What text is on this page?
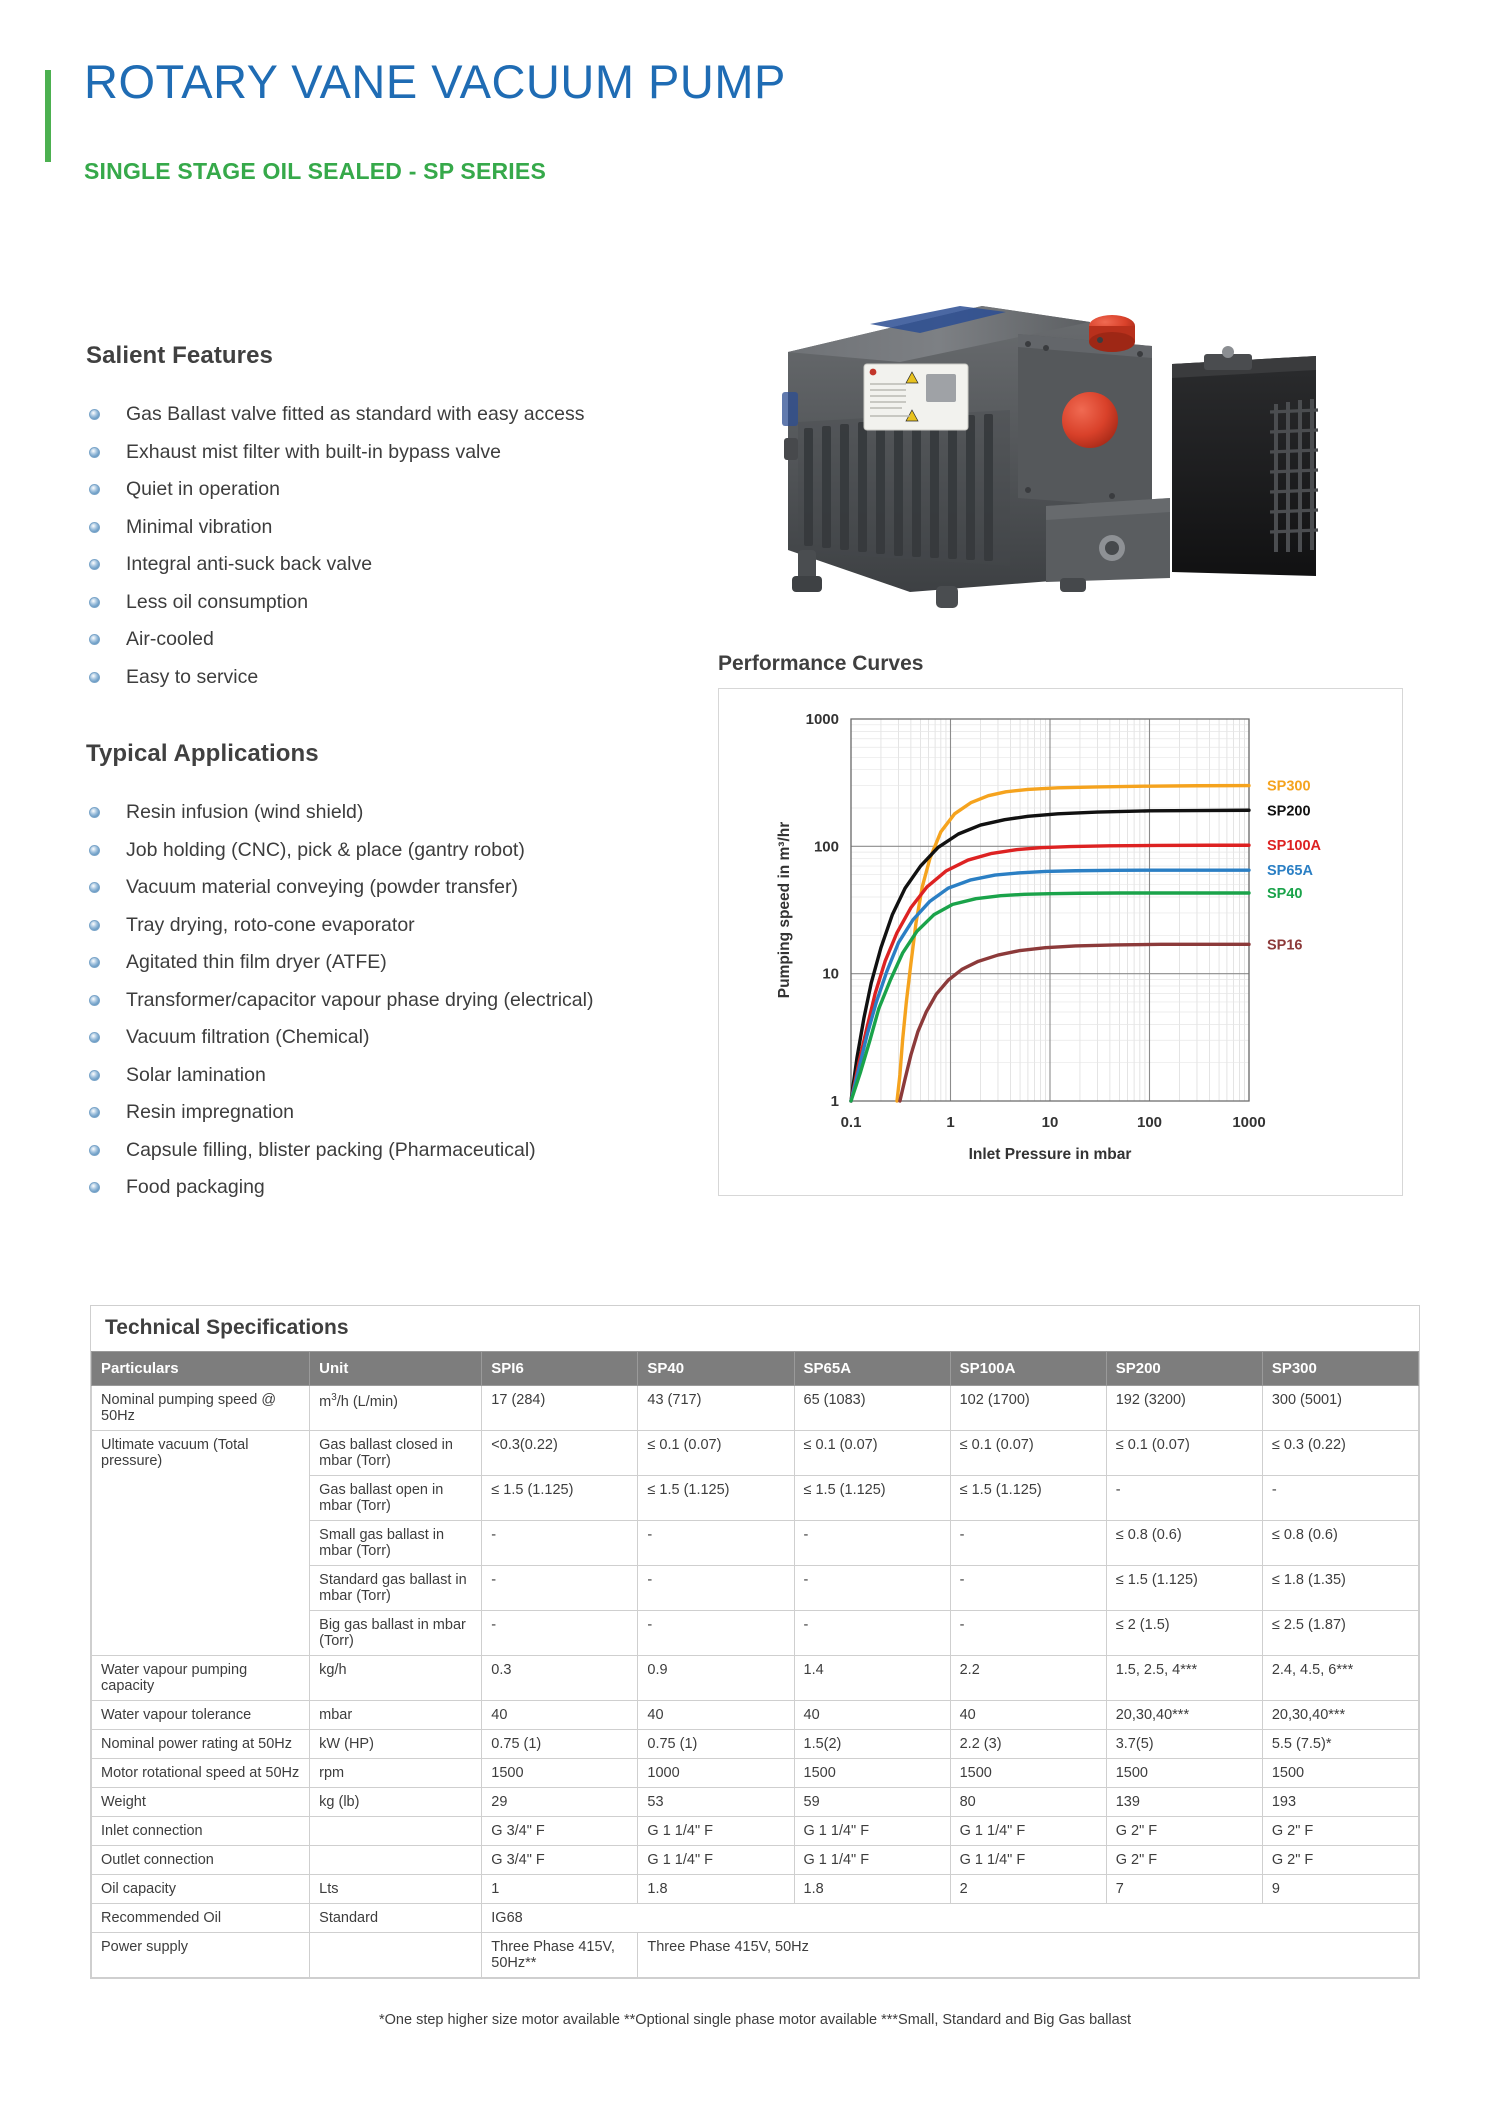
ROTARY VANE VACUUM PUMP
SINGLE STAGE OIL SEALED - SP SERIES
Salient Features
Gas Ballast valve fitted as standard with easy access
Exhaust mist filter with built-in bypass valve
Quiet in operation
Minimal vibration
Integral anti-suck back valve
Less oil consumption
Air-cooled
Easy to service
Typical Applications
Resin infusion (wind shield)
Job holding (CNC), pick & place (gantry robot)
Vacuum material conveying (powder transfer)
Tray drying, roto-cone evaporator
Agitated thin film dryer (ATFE)
Transformer/capacitor vapour phase drying (electrical)
Vacuum filtration (Chemical)
Solar lamination
Resin impregnation
Capsule filling, blister packing (Pharmaceutical)
Food packaging
Performance Curves
1
10
100
1000
0.1	1	10	100	1000
Inlet Pressure in mbar
Pumping speed in m³/hr
SP300
SP200
SP100A
SP65A
SP40
SP16
Technical Specifications
Particulars	Unit	SPI6	SP40	SP65A	SP100A	SP200	SP300
Nominal pumping speed @ 50Hz	$m^3/h$ (L/min)	17 (284)	43 (717)	65 (1083)	102 (1700)	192 (3200)	300 (5001)
Ultimate vacuum (Total pressure)	Gas ballast closed in mbar (Torr)	<0.3(0.22)	≤ 0.1 (0.07)	≤ 0.1 (0.07)	≤ 0.1 (0.07)	≤ 0.1 (0.07)	≤ 0.3 (0.22)
	Gas ballast open in mbar (Torr)	≤ 1.5 (1.125)	≤ 1.5 (1.125)	≤ 1.5 (1.125)	≤ 1.5 (1.125)	-	-
	Small gas ballast in mbar (Torr)	-	-	-	-	≤ 0.8 (0.6)	≤ 0.8 (0.6)
	Standard gas ballast in mbar (Torr)	-	-	-	-	≤ 1.5 (1.125)	≤ 1.8 (1.35)
	Big gas ballast in mbar (Torr)	-	-	-	-	≤ 2 (1.5)	≤ 2.5 (1.87)
Water vapour pumping capacity	kg/h	0.3	0.9	1.4	2.2	1.5, 2.5, 4***	2.4, 4.5, 6***
Water vapour tolerance	mbar	40	40	40	40	20,30,40***	20,30,40***
Nominal power rating at 50Hz	kW (HP)	0.75 (1)	0.75 (1)	1.5(2)	2.2 (3)	3.7(5)	5.5 (7.5)*
Motor rotational speed at 50Hz	rpm	1500	1000	1500	1500	1500	1500
Weight	kg (lb)	29	53	59	80	139	193
Inlet connection		G 3/4" F	G 1 1/4" F	G 1 1/4" F	G 1 1/4" F	G 2" F	G 2" F
Outlet connection		G 3/4" F	G 1 1/4" F	G 1 1/4" F	G 1 1/4" F	G 2" F	G 2" F
Oil capacity	Lts	1	1.8	1.8	2	7	9
Recommended Oil	Standard	IG68					
Power supply		Three Phase 415V, 50Hz**	Three Phase 415V, 50Hz				
*One step higher size motor available **Optional single phase motor available ***Small, Standard and Big Gas ballast
